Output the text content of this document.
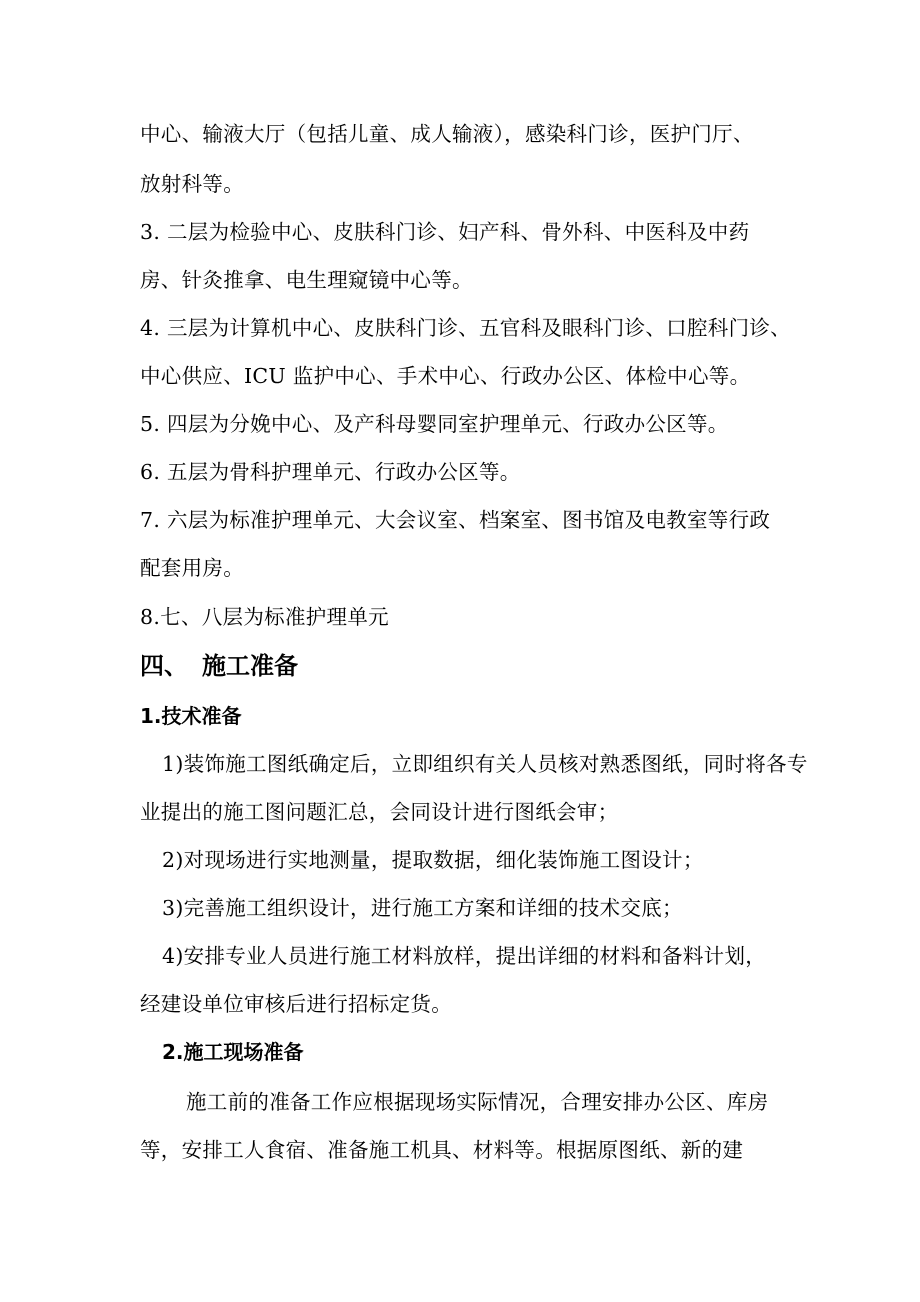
中心、输液大厅（包括儿童、成人输液），感染科门诊，医护门厅、
放射科等。
3. 二层为检验中心、皮肤科门诊、妇产科、骨外科、中医科及中药
房、针灸推拿、电生理窥镜中心等。
4. 三层为计算机中心、皮肤科门诊、五官科及眼科门诊、口腔科门诊、
中心供应、ICU 监护中心、手术中心、行政办公区、体检中心等。
5. 四层为分娩中心、及产科母婴同室护理单元、行政办公区等。
6. 五层为骨科护理单元、行政办公区等。
7. 六层为标准护理单元、大会议室、档案室、图书馆及电教室等行政
配套用房。
8.七、八层为标准护理单元
四、 施工准备
1.技术准备
1)装饰施工图纸确定后，立即组织有关人员核对熟悉图纸，同时将各专
业提出的施工图问题汇总，会同设计进行图纸会审；
2)对现场进行实地测量，提取数据，细化装饰施工图设计；
3)完善施工组织设计，进行施工方案和详细的技术交底；
4)安排专业人员进行施工材料放样，提出详细的材料和备料计划，
经建设单位审核后进行招标定货。
2.施工现场准备
施工前的准备工作应根据现场实际情况，合理安排办公区、库房
等，安排工人食宿、准备施工机具、材料等。根据原图纸、新的建
